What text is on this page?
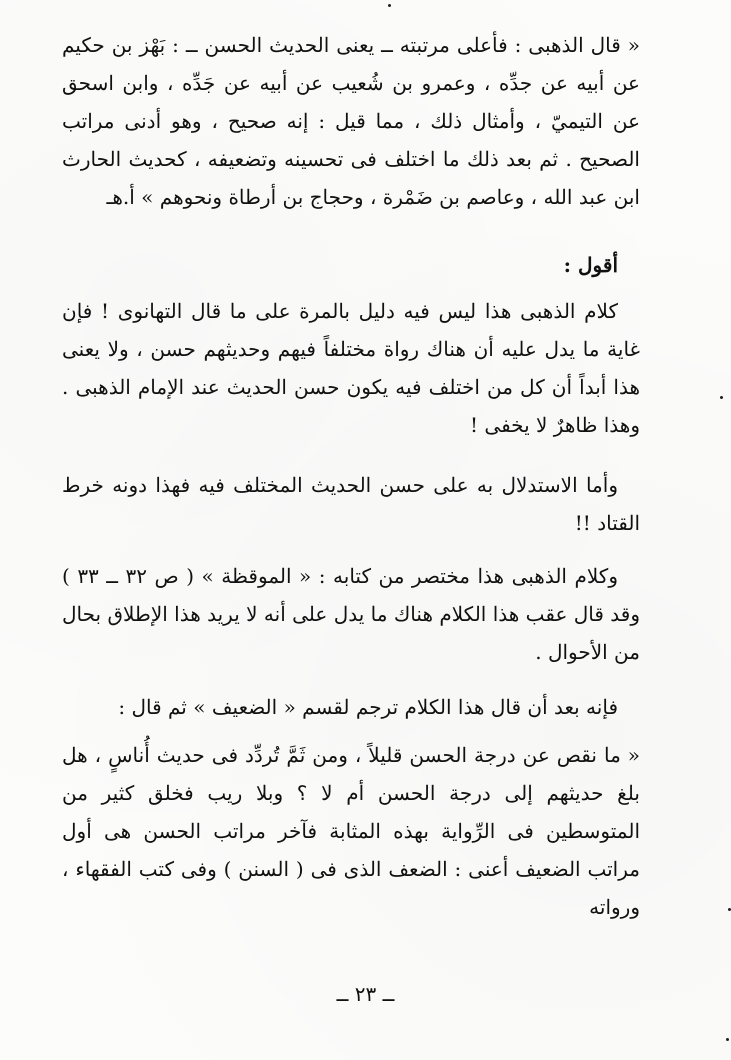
« قال الذهبى : فأعلى مرتبته ــ يعنى الحديث الحسن ــ : بَهْز بن حكيم عن أبيه عن جدِّه ، وعمرو بن شُعيب عن أبيه عن جَدِّه ، وابن اسحق عن التيميّ ، وأمثال ذلك ، مما قيل : إنه صحيح ، وهو أدنى مراتب الصحيح . ثم بعد ذلك ما اختلف فى تحسينه وتضعيفه ، كحديث الحارث ابن عبد الله ، وعاصم بن ضَمْرة ، وحجاج بن أرطاة ونحوهم » أ.هـ

أقول :

كلام الذهبى هذا ليس فيه دليل بالمرة على ما قال التهانوى ! فإن غاية ما يدل عليه أن هناك رواة مختلفاً فيهم وحديثهم حسن ، ولا يعنى هذا أبداً أن كل من اختلف فيه يكون حسن الحديث عند الإمام الذهبى . وهذا ظاهرٌ لا يخفى !

وأما الاستدلال به على حسن الحديث المختلف فيه فهذا دونه خرط القتاد !!

وكلام الذهبى هذا مختصر من كتابه : « الموقظة » ( ص ٣٢ ــ ٣٣ ) وقد قال عقب هذا الكلام هناك ما يدل على أنه لا يريد هذا الإطلاق بحال من الأحوال .

فإنه بعد أن قال هذا الكلام ترجم لقسم « الضعيف » ثم قال :

« ما نقص عن درجة الحسن قليلاً ، ومن ثَمَّ تُردِّد فى حديث أُناسٍ ، هل بلغ حديثهم إلى درجة الحسن أم لا ؟ وبلا ريب فخلق كثير من المتوسطين فى الرِّواية بهذه المثابة فآخر مراتب الحسن هى أول مراتب الضعيف أعنى : الضعف الذى فى ( السنن ) وفى كتب الفقهاء ، ورواته

ــ ٢٣ ــ
